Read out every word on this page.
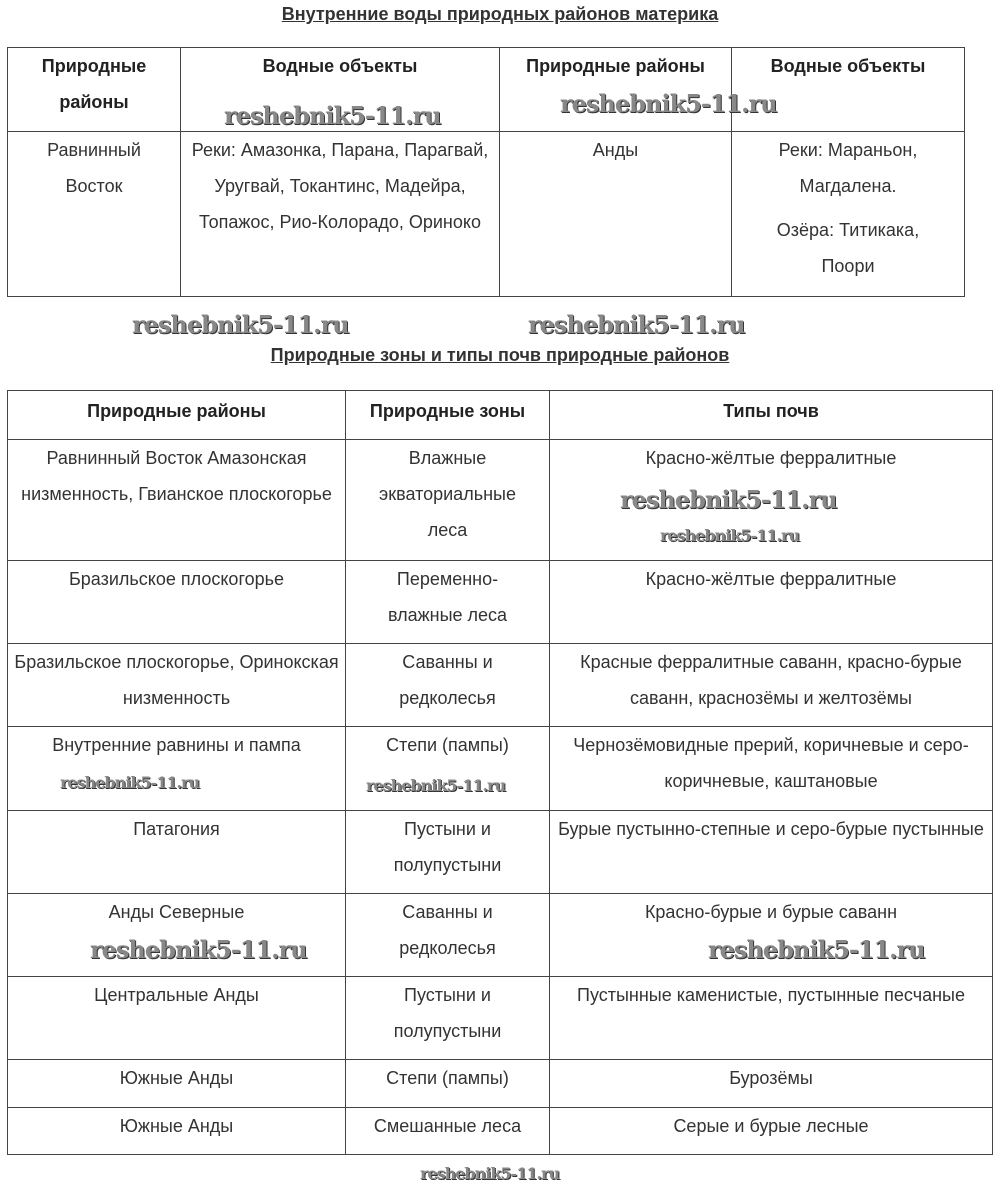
Внутренние воды природных районов материка
Природные районы	Водные объекты	Природные районы	Водные объекты
Равнинный Восток	Реки: Амазонка, Парана, Парагвай, Уругвай, Токантинс, Мадейра, Топажос, Рио-Колорадо, Ориноко	Анды	Реки: Мараньон, Магдалена.
Озёра: Титикака, Поори
Природные зоны и типы почв природные районов
Природные районы	Природные зоны	Типы почв
Равнинный Восток Амазонская низменность, Гвианское плоскогорье	Влажные экваториальные леса	Красно-жёлтые ферралитные
Бразильское плоскогорье	Переменно-влажные леса	Красно-жёлтые ферралитные
Бразильское плоскогорье, Оринокская низменность	Саванны и редколесья	Красные ферралитные саванн, красно-бурые саванн, краснозёмы и желтозёмы
Внутренние равнины и пампа	Степи (пампы)	Чернозёмовидные прерий, коричневые и серо-коричневые, каштановые
Патагония	Пустыни и полупустыни	Бурые пустынно-степные и серо-бурые пустынные
Анды Северные	Саванны и редколесья	Красно-бурые и бурые саванн
Центральные Анды	Пустыни и полупустыни	Пустынные каменистые, пустынные песчаные
Южные Анды	Степи (пампы)	Бурозёмы
Южные Анды	Смешанные леса	Серые и бурые лесные
reshebnik5-11.ru	reshebnik5-11.ru
reshebnik5-11.ru	reshebnik5-11.ru
reshebnik5-11.ru
reshebnik5-11.ru
reshebnik5-11.ru
reshebnik5-11.ru	reshebnik5-11.ru
reshebnik5-11.ru	reshebnik5-11.ru
